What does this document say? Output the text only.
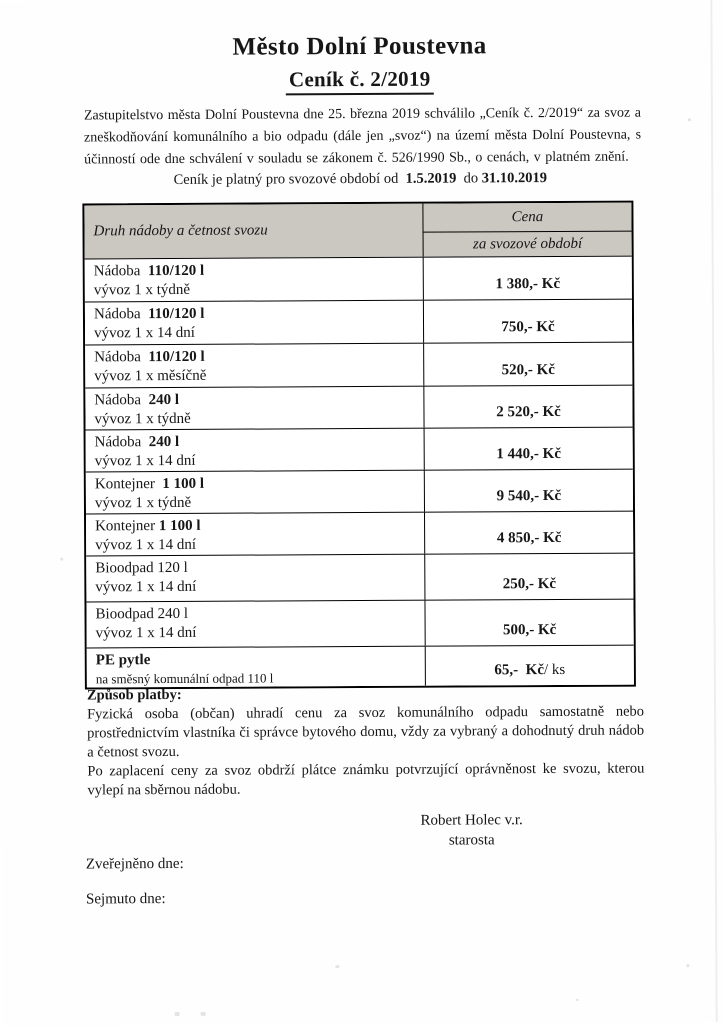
Město Dolní Poustevna
Ceník č. 2/2019
Zastupitelstvo města Dolní Poustevna dne 25. března 2019 schválilo „Ceník č. 2/2019“ za svoz a zneškodňování komunálního a bio odpadu (dále jen „svoz“) na území města Dolní Poustevna, s účinností ode dne schválení v souladu se zákonem č. 526/1990 Sb., o cenách, v platném znění.
Ceník je platný pro svozové období od  1.5.2019  do 31.10.2019
Druh nádoby a četnost svozu
Cena
za svozové období
Nádoba  110/120 l
vývoz 1 x týdně	1 380,- Kč
Nádoba  110/120 l
vývoz 1 x 14 dní	750,- Kč
Nádoba  110/120 l
vývoz 1 x měsíčně	520,- Kč
Nádoba  240 l
vývoz 1 x týdně	2 520,- Kč
Nádoba  240 l
vývoz 1 x 14 dní	1 440,- Kč
Kontejner  1 100 l
vývoz 1 x týdně	9 540,- Kč
Kontejner 1 100 l
vývoz 1 x 14 dní	4 850,- Kč
Bioodpad 120 l
vývoz 1 x 14 dní	250,- Kč
Bioodpad 240 l
vývoz 1 x 14 dní	500,- Kč
PE pytle
na směsný komunální odpad 110 l
65,-  Kč / ks
Způsob platby:

Fyzická osoba (občan) uhradí cenu za svoz komunálního odpadu samostatně nebo prostřednictvím vlastníka či správce bytového domu, vždy za vybraný a dohodnutý druh nádob a četnost svozu.

Po zaplacení ceny za svoz obdrží plátce známku potvrzující oprávněnost ke svozu, kterou vylepí na sběrnou nádobu.

Robert Holec v.r.
starosta
Zveřejněno dne:
Sejmuto dne:
